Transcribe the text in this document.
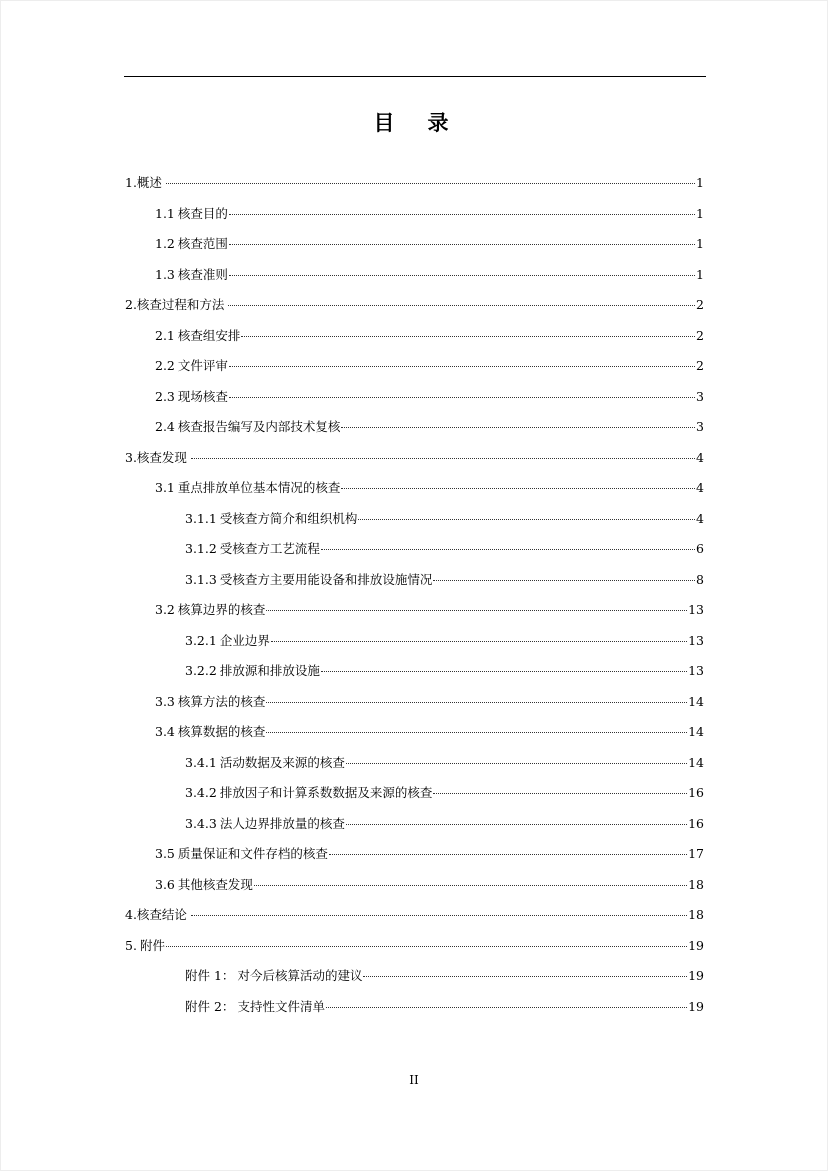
目　录
1.概述	1
1.1 核查目的	1
1.2 核查范围	1
1.3 核查准则	1
2.核查过程和方法	2
2.1 核查组安排	2
2.2 文件评审	2
2.3 现场核查	3
2.4 核查报告编写及内部技术复核	3
3.核查发现	4
3.1 重点排放单位基本情况的核查	4
3.1.1 受核查方简介和组织机构	4
3.1.2 受核查方工艺流程	6
3.1.3 受核查方主要用能设备和排放设施情况	8
3.2 核算边界的核查	13
3.2.1 企业边界	13
3.2.2 排放源和排放设施	13
3.3 核算方法的核查	14
3.4 核算数据的核查	14
3.4.1 活动数据及来源的核查	14
3.4.2 排放因子和计算系数数据及来源的核查	16
3.4.3 法人边界排放量的核查	16
3.5 质量保证和文件存档的核查	17
3.6 其他核查发现	18
4.核查结论	18
5. 附件	19
附件 1： 对今后核算活动的建议	19
附件 2： 支持性文件清单	19
II
